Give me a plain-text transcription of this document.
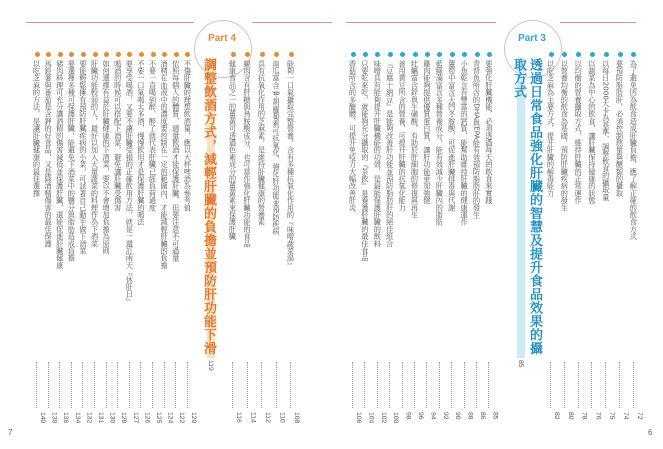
7	6
Part 4
調整飲酒方式，減輕肝臟的負擔並預防肝功能下滑
119
Part 3
透過日常食品強化肝臟的智慧及提升食品效果的攝取方式
85
以吃芝麻的方法，是讓肝臟健康的最佳選擇
140
馬鈴薯與番茄是含鉀的好食品，又是降酒精傷害的最佳保護
138
豬肉料理可充分讓酒精的傷害減低並保護肝臟，還能促進肝臟健康
136
要選擇多種可保護肝臟，能避免下酒菜中的鹽分與脂肪造成負擔
134
要能輕鬆擁有預防肝臟疾病的小菜，可試著自己動手做下酒菜
132
肝臟功能較弱的人，最好以加入大量蔬菜的料理作為下酒菜
131
如何選擇有益於肝臟健康的下酒菜，要以不會增加負擔為原則
130
喝酒的時候可以搭配下酒菜，避免讓肝臟受傷害
128
要享受喝酒，又要不讓肝臟受損的正確飲用方法，就是一週訂兩天『休肝日』
127
不要一口氣喝太多酒，慢慢飲用才是保護肝臟的喝法
126
不要一直喝到醉，醉了就代表肝臟已經負荷過度
125
酒精在血液中的濃度要控制在一定的範圍內，才能減輕肝臟的負擔
124
依照每個人的體質，適量飲酒才能保護肝臟，但要注意不可過量
122
不傷肝臟的理想飲酒量，應以大杯啤酒為參考值
120
健康食品之一的薑黃可透過色素成分的薑黃素來保護肝臟
116
蜆肉含有肝糖與鳥胺酸成分，也可當作強化肝臟功能的食品
114
具有抗氧化作用的芝麻素，是維持肝臟健康的營養素
112
南瓜富含 β-胡蘿蔔素可抗氧化，強化肝功能並預防疾病
110
能夠一口氣攝取完整營養，含有多種抗氧化作用的『味噌蔬菜湯』
108
香菇所含的多醣體，可提升免疫力大幅改善肝炎
106
只要吃來吃，就能夠充分攝取的『茶飲』是養護肝臟的最佳食品
104
味噌具有能夠提升肝臟機能的功效，是最能保護肝臟的飲料
102
『豆腐十納豆』是能夠改善肝功能並預防脂肪肝的絕佳組合
100
善用黃豆所含的營養，可提升肝臟的抗氧化能力
98
牡蠣富含鋅與牛磺酸，有助於肝細胞的修復與再生
96
雞肉能夠提供優質蛋白質，讓肝功能更加強健
94
藍綠藻富含多種營養成分，能有效減少肝臟內的脂肪
92
蘆筍中富含天門冬胺酸，可促進肝臟排毒與代謝
90
小魚乾含有豐富的鈣質，能幫助維持肝臟的健康運作
88
青背魚所含的DHA與EPA能有效預防脂肪肝的發生
86
要強化肝臟機能，必須透過每天的飲食來實踐
85
以吃芝麻為主要方式，提升肝臟的解毒能力
82
以營養均衡的飲食為基礎，預防肝臟疾病的發生
80
以均衡的營養攝取方式，維持肝臟的正常運作
78
以蔬菜為中心的飲食，讓肝臟保持健康的狀態
76
以每日2000大卡為基準，調整飲食的攝取量
75
要預防脂肪肝，必須控制熱量與醣類的攝取
74
為了避免因為飲食造成肝臟負擔，應了解正確的飲食方式
72
